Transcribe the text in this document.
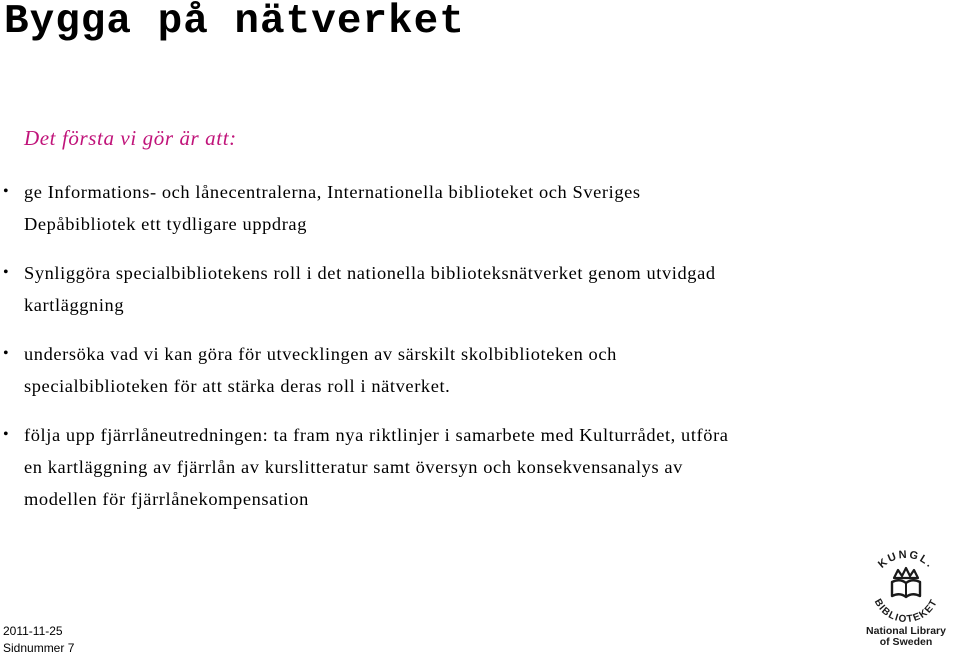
Bygga på nätverket

Det första vi gör är att:

• ge Informations- och lånecentralerna, Internationella biblioteket och Sveriges
Depåbibliotek ett tydligare uppdrag
• Synliggöra specialbibliotekens roll i det nationella biblioteksnätverket genom utvidgad
kartläggning
• undersöka vad vi kan göra för utvecklingen av särskilt skolbiblioteken och
specialbiblioteken för att stärka deras roll i nätverket.
• följa upp fjärrlåneutredningen: ta fram nya riktlinjer i samarbete med Kulturrådet, utföra
en kartläggning av fjärrlån av kurslitteratur samt översyn och konsekvensanalys av
modellen för fjärrlånekompensation
2011-11-25
Sidnummer 7
KUNGL.
BIBLIOTEKET
National Library
of Sweden
